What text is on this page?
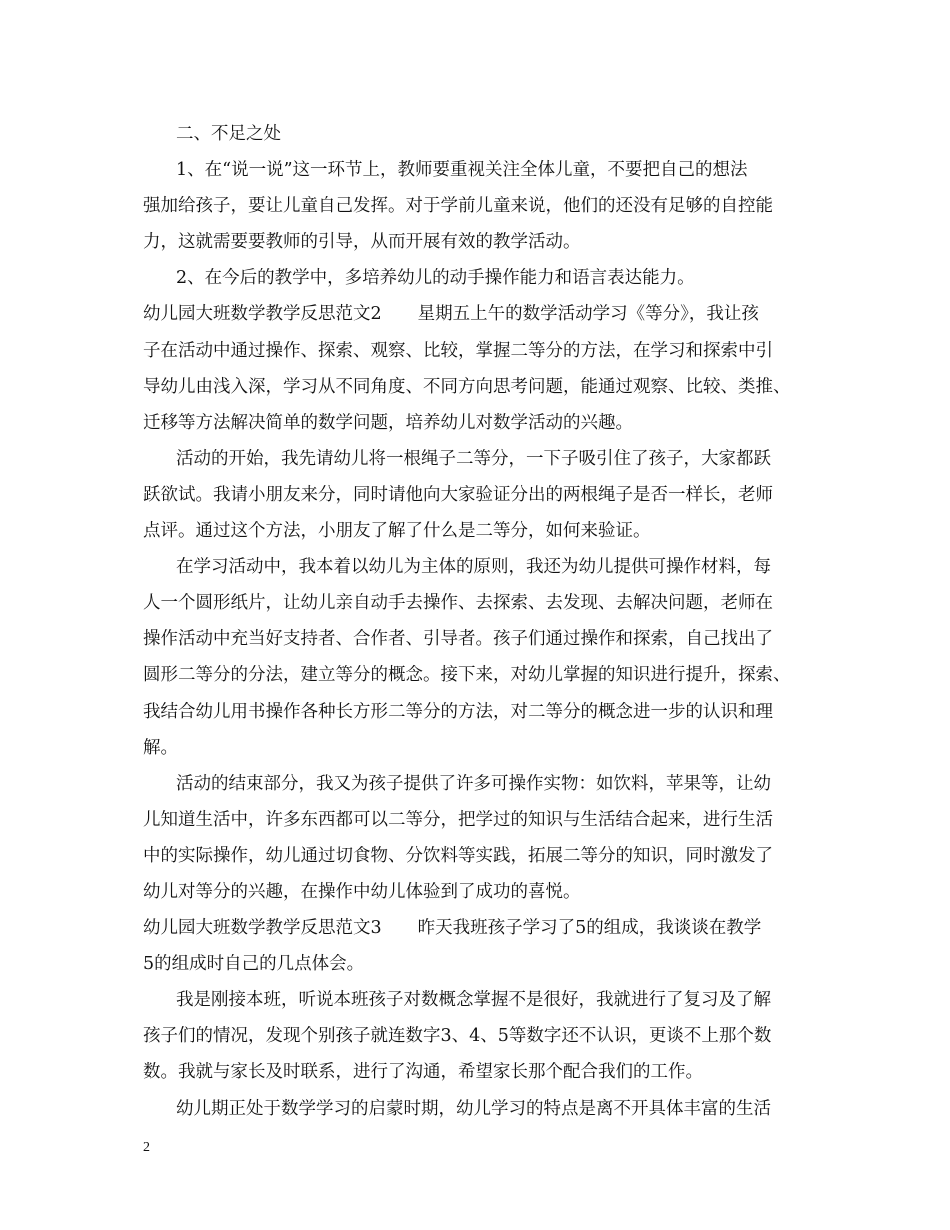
二、不足之处
1、在“说一说”这一环节上，教师要重视关注全体儿童，不要把自己的想法
强加给孩子，要让儿童自己发挥。对于学前儿童来说，他们的还没有足够的自控能
力，这就需要要教师的引导，从而开展有效的教学活动。
2、在今后的教学中，多培养幼儿的动手操作能力和语言表达能力。
幼儿园大班数学教学反思范文2 星期五上午的数学活动学习《等分》，我让孩
子在活动中通过操作、探索、观察、比较，掌握二等分的方法，在学习和探索中引
导幼儿由浅入深，学习从不同角度、不同方向思考问题，能通过观察、比较、类推、
迁移等方法解决简单的数学问题，培养幼儿对数学活动的兴趣。
活动的开始，我先请幼儿将一根绳子二等分，一下子吸引住了孩子，大家都跃
跃欲试。我请小朋友来分，同时请他向大家验证分出的两根绳子是否一样长，老师
点评。通过这个方法，小朋友了解了什么是二等分，如何来验证。
在学习活动中，我本着以幼儿为主体的原则，我还为幼儿提供可操作材料，每
人一个圆形纸片，让幼儿亲自动手去操作、去探索、去发现、去解决问题，老师在
操作活动中充当好支持者、合作者、引导者。孩子们通过操作和探索，自己找出了
圆形二等分的分法，建立等分的概念。接下来，对幼儿掌握的知识进行提升，探索、
我结合幼儿用书操作各种长方形二等分的方法，对二等分的概念进一步的认识和理
解。
活动的结束部分，我又为孩子提供了许多可操作实物：如饮料，苹果等，让幼
儿知道生活中，许多东西都可以二等分，把学过的知识与生活结合起来，进行生活
中的实际操作，幼儿通过切食物、分饮料等实践，拓展二等分的知识，同时激发了
幼儿对等分的兴趣，在操作中幼儿体验到了成功的喜悦。
幼儿园大班数学教学反思范文3 昨天我班孩子学习了5的组成，我谈谈在教学
5的组成时自己的几点体会。
我是刚接本班，听说本班孩子对数概念掌握不是很好，我就进行了复习及了解
孩子们的情况，发现个别孩子就连数字3、4、5等数字还不认识，更谈不上那个数
数。我就与家长及时联系，进行了沟通，希望家长那个配合我们的工作。
幼儿期正处于数学学习的启蒙时期，幼儿学习的特点是离不开具体丰富的生活
2
